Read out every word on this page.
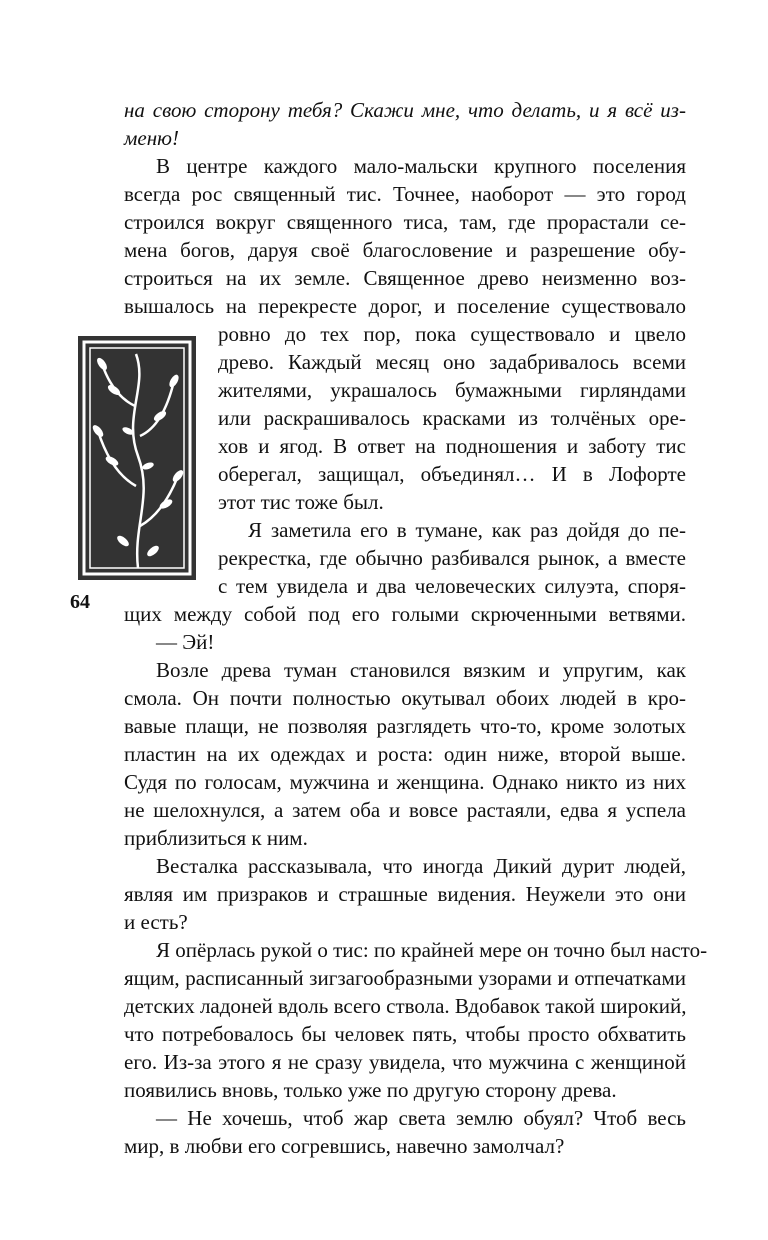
64
на свою сторону тебя? Скажи мне, что делать, и я всё из-
меню!
В центре каждого мало-мальски крупного поселения
всегда рос священный тис. Точнее, наоборот — это город
строился вокруг священного тиса, там, где прорастали се-
мена богов, даруя своё благословение и разрешение обу-
строиться на их земле. Священное древо неизменно воз-
вышалось на перекресте дорог, и поселение существовало
ровно до тех пор, пока существовало и цвело
древо. Каждый месяц оно задабривалось всеми
жителями, украшалось бумажными гирляндами
или раскрашивалось красками из толчёных оре-
хов и ягод. В ответ на подношения и заботу тис
оберегал, защищал, объединял… И в Лофорте
этот тис тоже был.
Я заметила его в тумане, как раз дойдя до пе-
рекрестка, где обычно разбивался рынок, а вместе
с тем увидела и два человеческих силуэта, споря-
щих между собой под его голыми скрюченными ветвями.
— Эй!
Возле древа туман становился вязким и упругим, как
смола. Он почти полностью окутывал обоих людей в кро-
вавые плащи, не позволяя разглядеть что-то, кроме золотых
пластин на их одеждах и роста: один ниже, второй выше.
Судя по голосам, мужчина и женщина. Однако никто из них
не шелохнулся, а затем оба и вовсе растаяли, едва я успела
приблизиться к ним.
Весталка рассказывала, что иногда Дикий дурит людей,
являя им призраков и страшные видения. Неужели это они
и есть?
Я опёрлась рукой о тис: по крайней мере он точно был насто-
ящим, расписанный зигзагообразными узорами и отпечатками
детских ладоней вдоль всего ствола. Вдобавок такой широкий,
что потребовалось бы человек пять, чтобы просто обхватить
его. Из-за этого я не сразу увидела, что мужчина с женщиной
появились вновь, только уже по другую сторону древа.
— Не хочешь, чтоб жар света землю обуял? Чтоб весь
мир, в любви его согревшись, навечно замолчал?
